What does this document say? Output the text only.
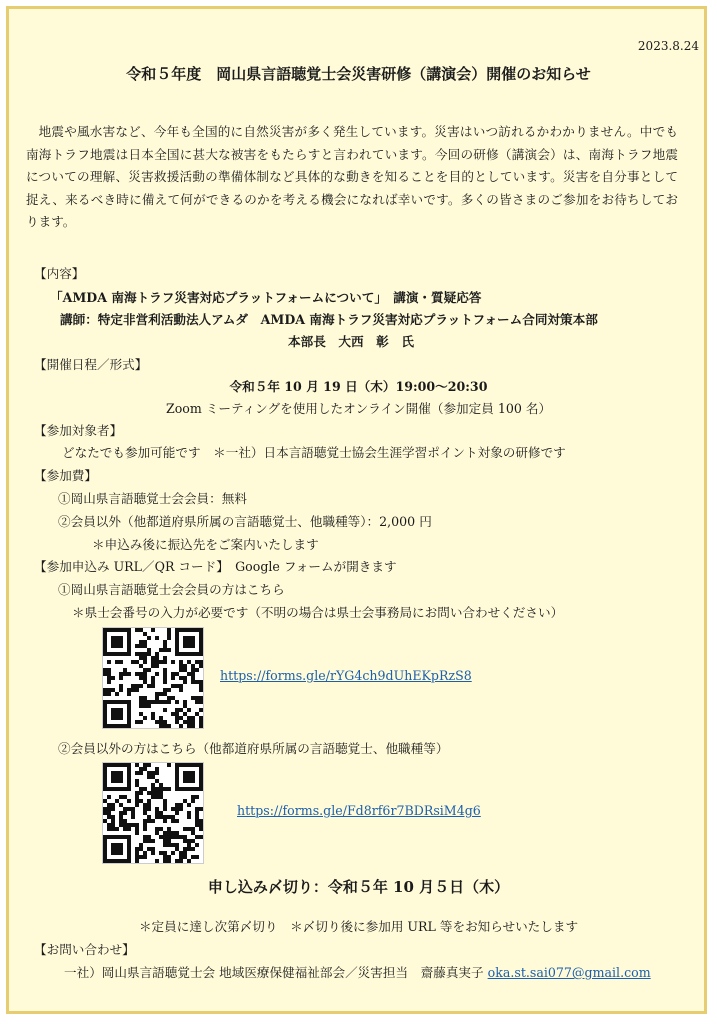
2023.8.24
令和５年度　岡山県言語聴覚士会災害研修（講演会）開催のお知らせ
地震や風水害など、今年も全国的に自然災害が多く発生しています。災害はいつ訪れるかわかりません。中でも南海トラフ地震は日本全国に甚大な被害をもたらすと言われています。今回の研修（講演会）は、南海トラフ地震についての理解、災害救援活動の準備体制など具体的な動きを知ることを目的としています。災害を自分事として捉え、来るべき時に備えて何ができるのかを考える機会になれば幸いです。多くの皆さまのご参加をお待ちしております。
【内容】
「AMDA 南海トラフ災害対応プラットフォームについて」　講演・質疑応答
講師：特定非営利活動法人アムダ　AMDA 南海トラフ災害対応プラットフォーム合同対策本部
本部長　大西　彰　氏
【開催日程／形式】
令和５年 10 月 19 日（木）19:00〜20:30
Zoom ミーティングを使用したオンライン開催（参加定員 100 名）
【参加対象者】
どなたでも参加可能です　＊一社）日本言語聴覚士協会生涯学習ポイント対象の研修です
【参加費】
①岡山県言語聴覚士会会員：無料
②会員以外（他都道府県所属の言語聴覚士、他職種等）：2,000 円
＊申込み後に振込先をご案内いたします
【参加申込み URL／QR コード】　Google フォームが開きます
①岡山県言語聴覚士会会員の方はこちら
＊県士会番号の入力が必要です（不明の場合は県士会事務局にお問い合わせください）
https://forms.gle/rYG4ch9dUhEKpRzS8
②会員以外の方はこちら（他都道府県所属の言語聴覚士、他職種等）
https://forms.gle/Fd8rf6r7BDRsiM4g6
申し込み〆切り：令和５年 10 月５日（木）
＊定員に達し次第〆切り　＊〆切り後に参加用 URL 等をお知らせいたします
【お問い合わせ】
一社）岡山県言語聴覚士会 地域医療保健福祉部会／災害担当　齋藤真実子 oka.st.sai077@gmail.com
